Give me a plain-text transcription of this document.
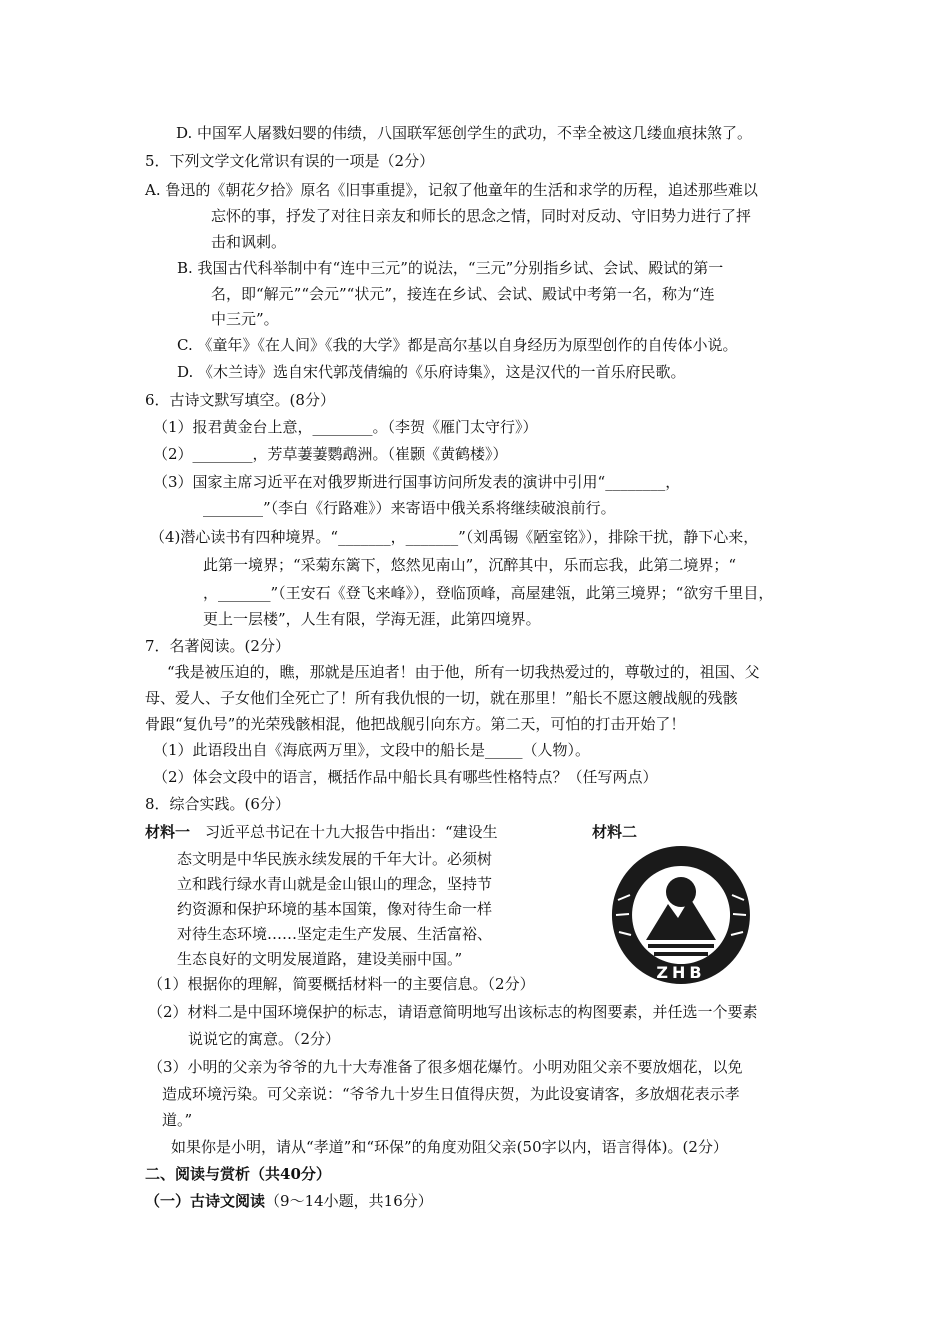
D. 中国军人屠戮妇婴的伟绩，八国联军惩创学生的武功，不幸全被这几缕血痕抹煞了。
5．下列文学文化常识有误的一项是（2分）
A. 鲁迅的《朝花夕拾》原名《旧事重提》，记叙了他童年的生活和求学的历程，追述那些难以
忘怀的事，抒发了对往日亲友和师长的思念之情，同时对反动、守旧势力进行了抨
击和讽刺。
B. 我国古代科举制中有“连中三元”的说法，“三元”分别指乡试、会试、殿试的第一
名，即“解元”“会元”“状元”，接连在乡试、会试、殿试中考第一名，称为“连
中三元”。
C. 《童年》《在人间》《我的大学》都是高尔基以自身经历为原型创作的自传体小说。
D. 《木兰诗》选自宋代郭茂倩编的《乐府诗集》，这是汉代的一首乐府民歌。
6．古诗文默写填空。(8分）
（1）报君黄金台上意，________。（李贺《雁门太守行》）
（2）________，芳草萋萋鹦鹉洲。（崔颢《黄鹤楼》）
（3）国家主席习近平在对俄罗斯进行国事访问所发表的演讲中引用“________，
________”（李白《行路难》）来寄语中俄关系将继续破浪前行。
（4)潜心读书有四种境界。“_______，_______”（刘禹锡《陋室铭》），排除干扰，静下心来，
此第一境界；“采菊东篱下，悠然见南山”，沉醉其中，乐而忘我，此第二境界；“
，_______”（王安石《登飞来峰》），登临顶峰，高屋建瓴，此第三境界；“欲穷千里目，
更上一层楼”，人生有限，学海无涯，此第四境界。
7．名著阅读。(2分）
“我是被压迫的，瞧，那就是压迫者！由于他，所有一切我热爱过的，尊敬过的，祖国、父
母、爱人、子女他们全死亡了！所有我仇恨的一切，就在那里！”船长不愿这艘战舰的残骸
骨跟“复仇号”的光荣残骸相混，他把战舰引向东方。第二天，可怕的打击开始了！
（1）此语段出自《海底两万里》，文段中的船长是_____（人物）。
（2）体会文段中的语言，概括作品中船长具有哪些性格特点？（任写两点）
8．综合实践。(6分）
材料一 习近平总书记在十九大报告中指出：“建设生	材料二
态文明是中华民族永续发展的千年大计。必须树
立和践行绿水青山就是金山银山的理念，坚持节
约资源和保护环境的基本国策，像对待生命一样
对待生态环境……坚定走生产发展、生活富裕、
生态良好的文明发展道路，建设美丽中国。”
ZHB
（1）根据你的理解，简要概括材料一的主要信息。（2分）
（2）材料二是中国环境保护的标志，请语意简明地写出该标志的构图要素，并任选一个要素
说说它的寓意。（2分）
（3）小明的父亲为爷爷的九十大寿准备了很多烟花爆竹。小明劝阻父亲不要放烟花，以免
造成环境污染。可父亲说：“爷爷九十岁生日值得庆贺，为此设宴请客，多放烟花表示孝
道。”
如果你是小明，请从“孝道”和“环保”的角度劝阻父亲(50字以内，语言得体)。(2分）
二、阅读与赏析（共40分）
（一）古诗文阅读（9～14小题，共16分）
